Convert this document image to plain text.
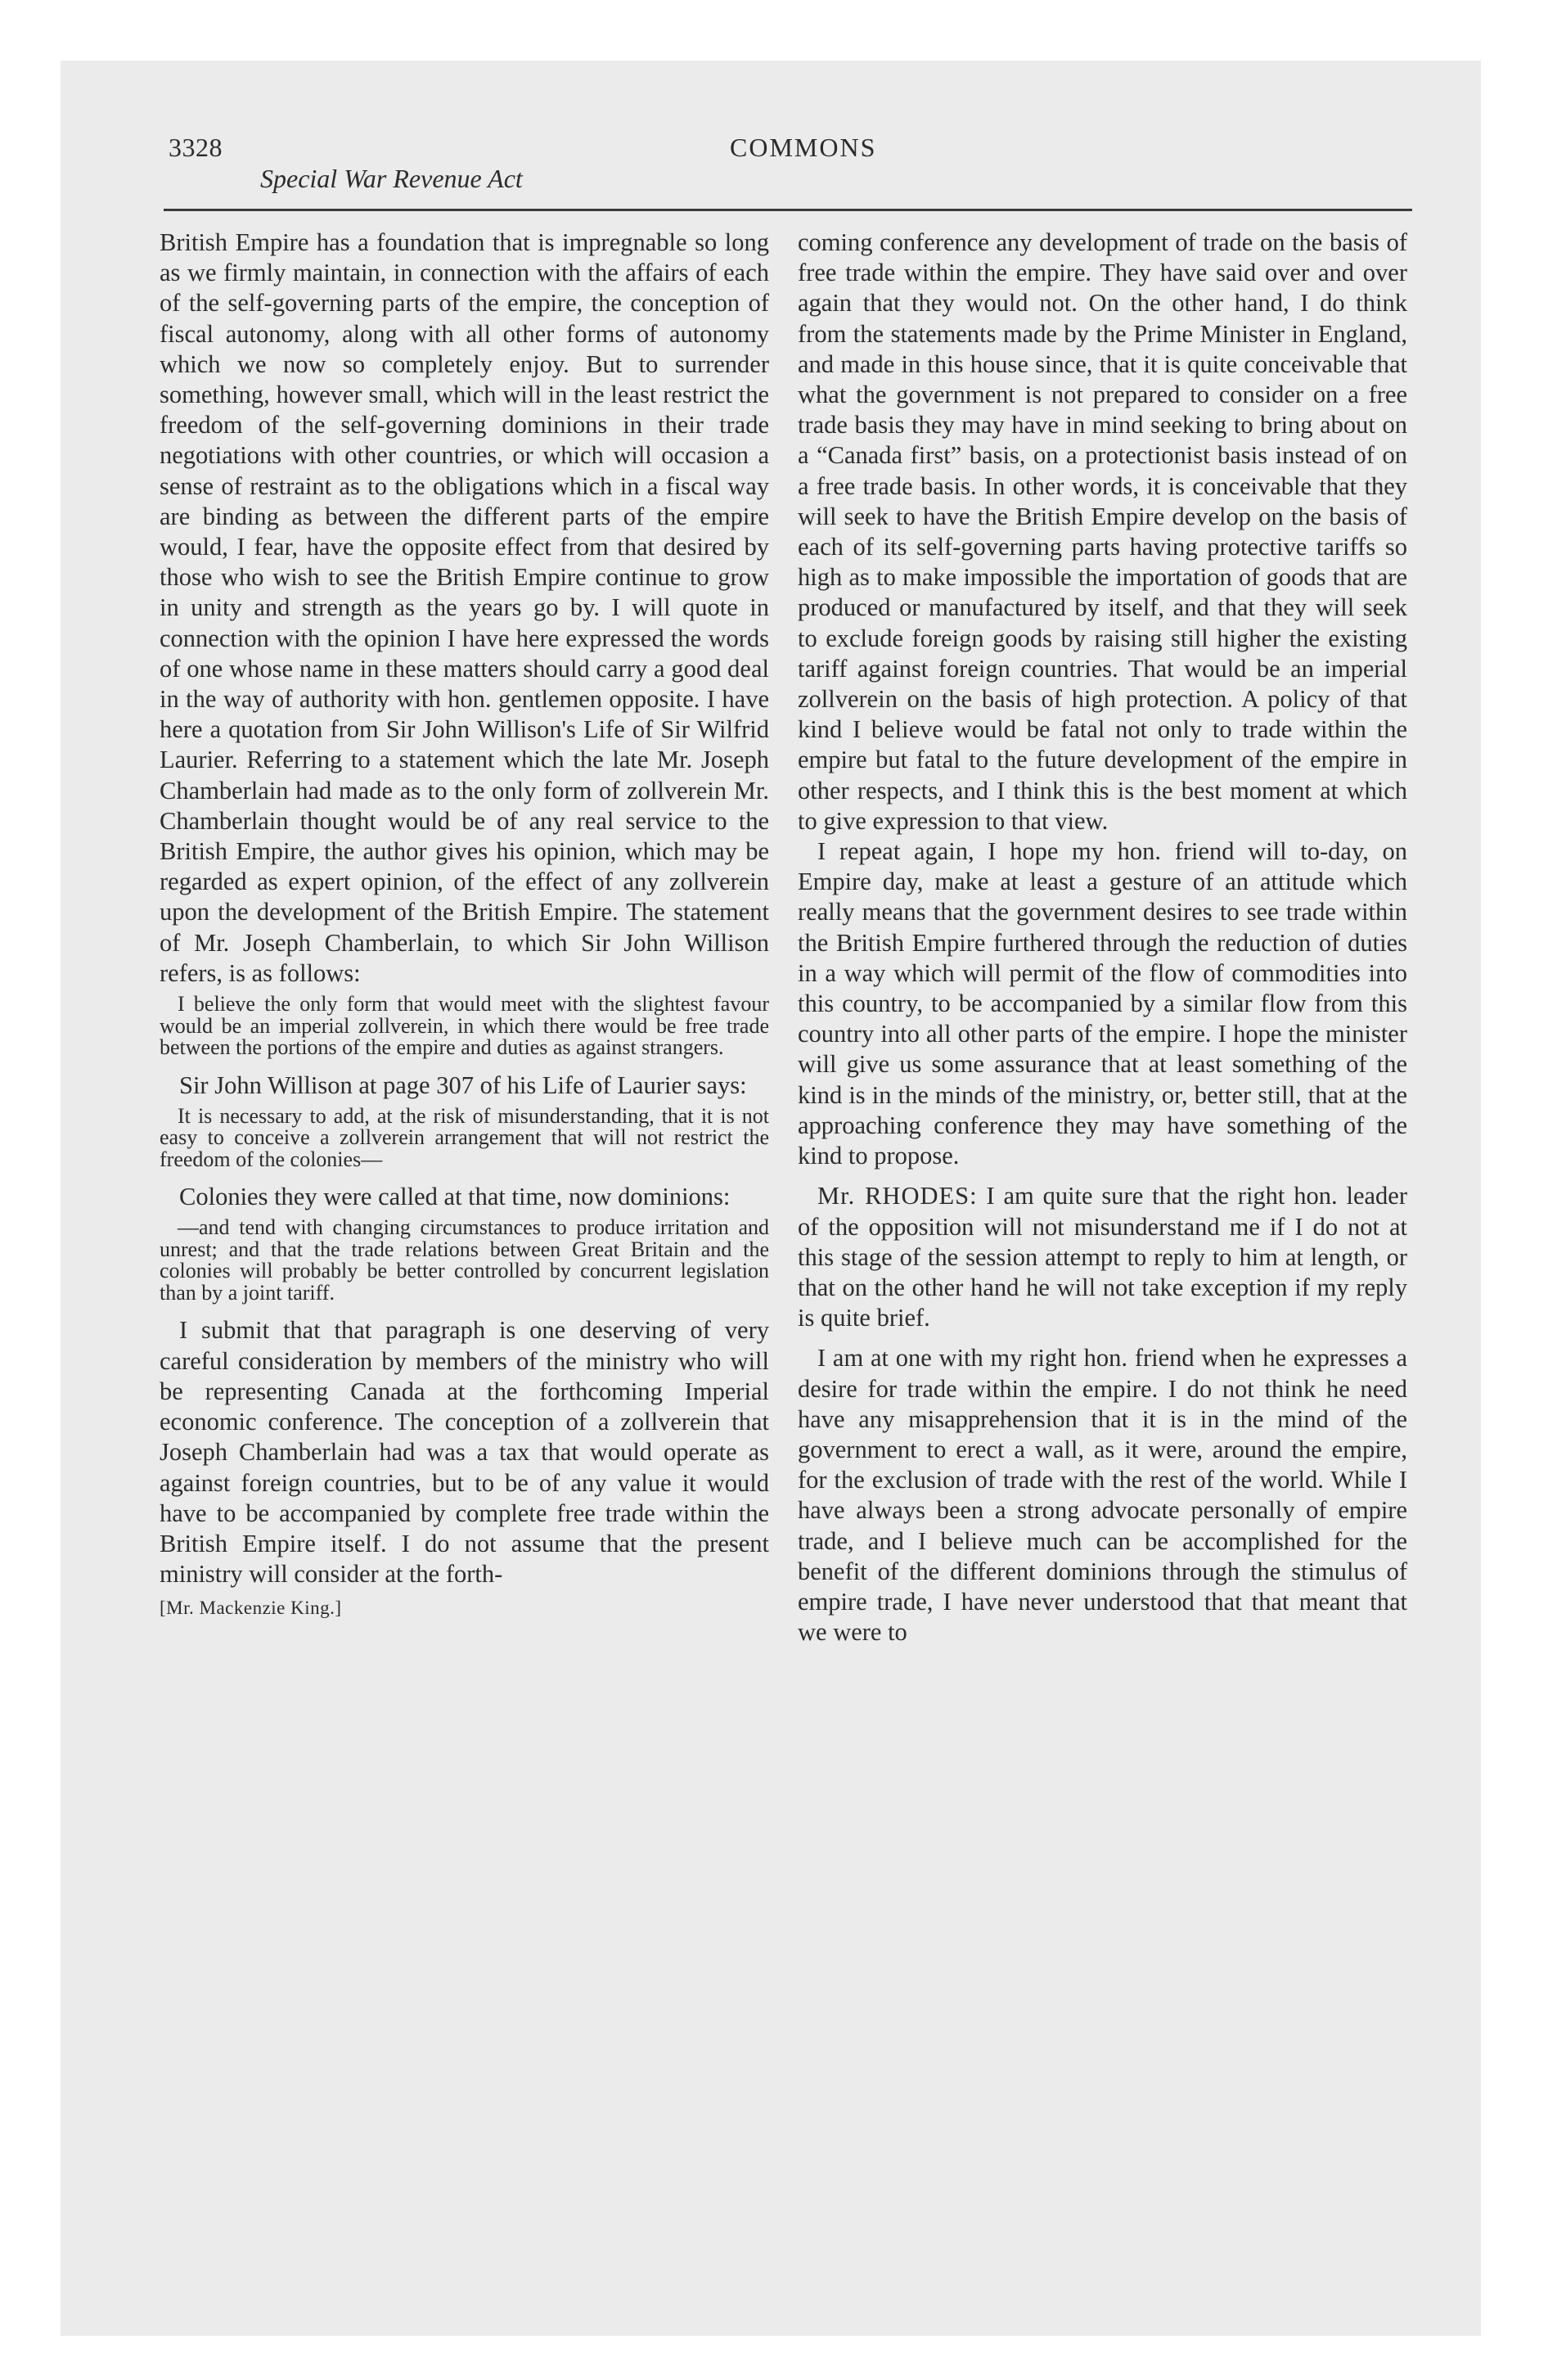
3328	COMMONS
Special War Revenue Act

British Empire has a foundation that is impregnable so long as we firmly maintain, in connection with the affairs of each of the self-governing parts of the empire, the conception of fiscal autonomy, along with all other forms of autonomy which we now so completely enjoy. But to surrender something, however small, which will in the least restrict the freedom of the self-governing dominions in their trade negotiations with other countries, or which will occasion a sense of restraint as to the obligations which in a fiscal way are binding as between the different parts of the empire would, I fear, have the opposite effect from that desired by those who wish to see the British Empire continue to grow in unity and strength as the years go by. I will quote in connection with the opinion I have here expressed the words of one whose name in these matters should carry a good deal in the way of authority with hon. gentlemen opposite. I have here a quotation from Sir John Willison's Life of Sir Wilfrid Laurier. Referring to a statement which the late Mr. Joseph Chamberlain had made as to the only form of zollverein Mr. Chamberlain thought would be of any real service to the British Empire, the author gives his opinion, which may be regarded as expert opinion, of the effect of any zollverein upon the development of the British Empire. The statement of Mr. Joseph Chamberlain, to which Sir John Willison refers, is as follows:

I believe the only form that would meet with the slightest favour would be an imperial zollverein, in which there would be free trade between the portions of the empire and duties as against strangers.

Sir John Willison at page 307 of his Life of Laurier says:

It is necessary to add, at the risk of misunderstanding, that it is not easy to conceive a zollverein arrangement that will not restrict the freedom of the colonies—

Colonies they were called at that time, now dominions:

—and tend with changing circumstances to produce irritation and unrest; and that the trade relations between Great Britain and the colonies will probably be better controlled by concurrent legislation than by a joint tariff.

I submit that that paragraph is one deserving of very careful consideration by members of the ministry who will be representing Canada at the forthcoming Imperial economic conference. The conception of a zollverein that Joseph Chamberlain had was a tax that would operate as against foreign countries, but to be of any value it would have to be accompanied by complete free trade within the British Empire itself. I do not assume that the present ministry will consider at the forth-

[Mr. Mackenzie King.]

coming conference any development of trade on the basis of free trade within the empire. They have said over and over again that they would not. On the other hand, I do think from the statements made by the Prime Minister in England, and made in this house since, that it is quite conceivable that what the government is not prepared to consider on a free trade basis they may have in mind seeking to bring about on a “Canada first” basis, on a protectionist basis instead of on a free trade basis. In other words, it is conceivable that they will seek to have the British Empire develop on the basis of each of its self-governing parts having protective tariffs so high as to make impossible the importation of goods that are produced or manufactured by itself, and that they will seek to exclude foreign goods by raising still higher the existing tariff against foreign countries. That would be an imperial zollverein on the basis of high protection. A policy of that kind I believe would be fatal not only to trade within the empire but fatal to the future development of the empire in other respects, and I think this is the best moment at which to give expression to that view.

I repeat again, I hope my hon. friend will to-day, on Empire day, make at least a gesture of an attitude which really means that the government desires to see trade within the British Empire furthered through the reduction of duties in a way which will permit of the flow of commodities into this country, to be accompanied by a similar flow from this country into all other parts of the empire. I hope the minister will give us some assurance that at least something of the kind is in the minds of the ministry, or, better still, that at the approaching conference they may have something of the kind to propose.

Mr. RHODES: I am quite sure that the right hon. leader of the opposition will not misunderstand me if I do not at this stage of the session attempt to reply to him at length, or that on the other hand he will not take exception if my reply is quite brief.

I am at one with my right hon. friend when he expresses a desire for trade within the empire. I do not think he need have any misapprehension that it is in the mind of the government to erect a wall, as it were, around the empire, for the exclusion of trade with the rest of the world. While I have always been a strong advocate personally of empire trade, and I believe much can be accomplished for the benefit of the different dominions through the stimulus of empire trade, I have never understood that that meant that we were to
